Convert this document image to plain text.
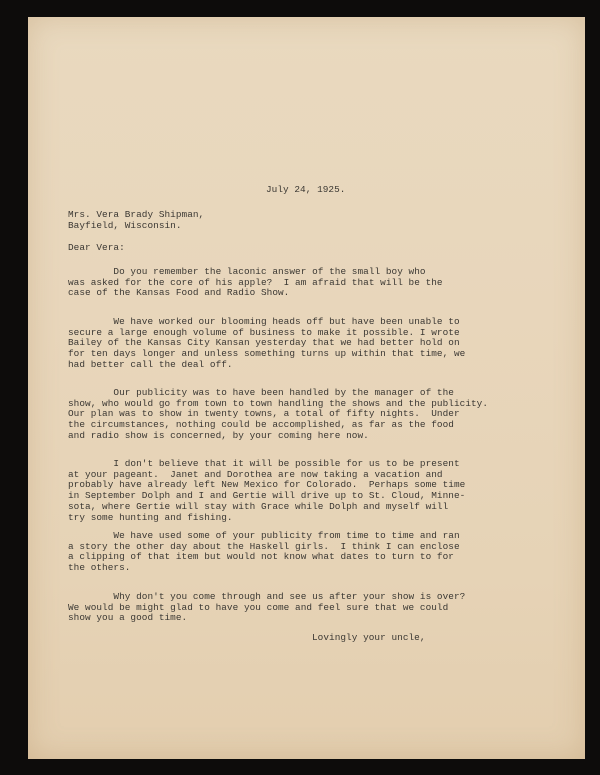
July 24, 1925.
Mrs. Vera Brady Shipman,
Bayfield, Wisconsin.
Dear Vera:
Do you remember the laconic answer of the small boy who
was asked for the core of his apple?  I am afraid that will be the
case of the Kansas Food and Radio Show.
We have worked our blooming heads off but have been unable to
secure a large enough volume of business to make it possible. I wrote
Bailey of the Kansas City Kansan yesterday that we had better hold on
for ten days longer and unless something turns up within that time, we
had better call the deal off.
Our publicity was to have been handled by the manager of the
show, who would go from town to town handling the shows and the publicity.
Our plan was to show in twenty towns, a total of fifty nights.  Under
the circumstances, nothing could be accomplished, as far as the food
and radio show is concerned, by your coming here now.
I don't believe that it will be possible for us to be present
at your pageant.  Janet and Dorothea are now taking a vacation and
probably have already left New Mexico for Colorado.  Perhaps some time
in September Dolph and I and Gertie will drive up to St. Cloud, Minne-
sota, where Gertie will stay with Grace while Dolph and myself will
try some hunting and fishing.
We have used some of your publicity from time to time and ran
a story the other day about the Haskell girls.  I think I can enclose
a clipping of that item but would not know what dates to turn to for
the others.
Why don't you come through and see us after your show is over?
We would be might glad to have you come and feel sure that we could
show you a good time.
Lovingly your uncle,
